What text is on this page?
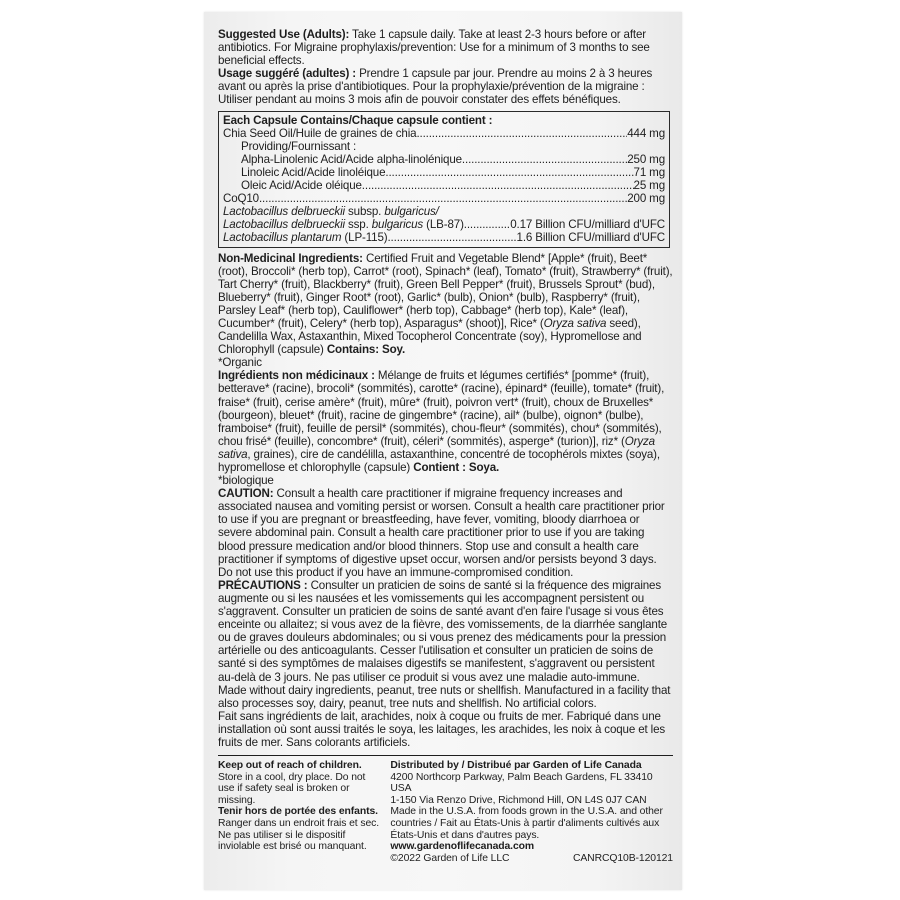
Suggested Use (Adults): Take 1 capsule daily. Take at least 2-3 hours before or after antibiotics. For Migraine prophylaxis/prevention: Use for a minimum of 3 months to see beneficial effects.

Usage suggéré (adultes) : Prendre 1 capsule par jour. Prendre au moins 2 à 3 heures avant ou après la prise d'antibiotiques. Pour la prophylaxie/prévention de la migraine : Utiliser pendant au moins 3 mois afin de pouvoir constater des effets bénéfiques.

Each Capsule Contains/Chaque capsule contient :
Chia Seed Oil/Huile de graines de chia .....	444 mg
Providing/Fournissant :
Alpha-Linolenic Acid/Acide alpha-linolénique .....	250 mg
Linoleic Acid/Acide linoléique .....	71 mg
Oleic Acid/Acide oléique .....	25 mg
CoQ10 .....	200 mg
Lactobacillus delbrueckii subsp. bulgaricus/
Lactobacillus delbrueckii ssp. bulgaricus (LB-87) .....	0.17 Billion CFU/milliard d'UFC
Lactobacillus plantarum (LP-115) .....	1.6 Billion CFU/milliard d'UFC

Non-Medicinal Ingredients: Certified Fruit and Vegetable Blend* [Apple* (fruit), Beet* (root), Broccoli* (herb top), Carrot* (root), Spinach* (leaf), Tomato* (fruit), Strawberry* (fruit), Tart Cherry* (fruit), Blackberry* (fruit), Green Bell Pepper* (fruit), Brussels Sprout* (bud), Blueberry* (fruit), Ginger Root* (root), Garlic* (bulb), Onion* (bulb), Raspberry* (fruit), Parsley Leaf* (herb top), Cauliflower* (herb top), Cabbage* (herb top), Kale* (leaf), Cucumber* (fruit), Celery* (herb top), Asparagus* (shoot)], Rice* (Oryza sativa seed), Candelilla Wax, Astaxanthin, Mixed Tocopherol Concentrate (soy), Hypromellose and Chlorophyll (capsule) Contains: Soy.

*Organic

Ingrédients non médicinaux : Mélange de fruits et légumes certifiés* [pomme* (fruit), betterave* (racine), brocoli* (sommités), carotte* (racine), épinard* (feuille), tomate* (fruit), fraise* (fruit), cerise amère* (fruit), mûre* (fruit), poivron vert* (fruit), choux de Bruxelles* (bourgeon), bleuet* (fruit), racine de gingembre* (racine), ail* (bulbe), oignon* (bulbe), framboise* (fruit), feuille de persil* (sommités), chou-fleur* (sommités), chou* (sommités), chou frisé* (feuille), concombre* (fruit), céleri* (sommités), asperge* (turion)], riz* (Oryza sativa, graines), cire de candélilla, astaxanthine, concentré de tocophérols mixtes (soya), hypromellose et chlorophylle (capsule) Contient : Soya.

*biologique

CAUTION: Consult a health care practitioner if migraine frequency increases and associated nausea and vomiting persist or worsen. Consult a health care practitioner prior to use if you are pregnant or breastfeeding, have fever, vomiting, bloody diarrhoea or severe abdominal pain. Consult a health care practitioner prior to use if you are taking blood pressure medication and/or blood thinners. Stop use and consult a health care practitioner if symptoms of digestive upset occur, worsen and/or persists beyond 3 days. Do not use this product if you have an immune-compromised condition.

PRÉCAUTIONS : Consulter un praticien de soins de santé si la fréquence des migraines augmente ou si les nausées et les vomissements qui les accompagnent persistent ou s'aggravent. Consulter un praticien de soins de santé avant d'en faire l'usage si vous êtes enceinte ou allaitez; si vous avez de la fièvre, des vomissements, de la diarrhée sanglante ou de graves douleurs abdominales; ou si vous prenez des médicaments pour la pression artérielle ou des anticoagulants. Cesser l'utilisation et consulter un praticien de soins de santé si des symptômes de malaises digestifs se manifestent, s'aggravent ou persistent au-delà de 3 jours. Ne pas utiliser ce produit si vous avez une maladie auto-immune.

Made without dairy ingredients, peanut, tree nuts or shellfish. Manufactured in a facility that also processes soy, dairy, peanut, tree nuts and shellfish. No artificial colors.

Fait sans ingrédients de lait, arachides, noix à coque ou fruits de mer. Fabriqué dans une installation où sont aussi traités le soya, les laitages, les arachides, les noix à coque et les fruits de mer. Sans colorants artificiels.

Keep out of reach of children.
Store in a cool, dry place. Do not use if safety seal is broken or missing.
Tenir hors de portée des enfants.
Ranger dans un endroit frais et sec. Ne pas utiliser si le dispositif inviolable est brisé ou manquant.
Distributed by / Distribué par Garden of Life Canada
4200 Northcorp Parkway, Palm Beach Gardens, FL 33410 USA
1-150 Via Renzo Drive, Richmond Hill, ON L4S 0J7 CAN
Made in the U.S.A. from foods grown in the U.S.A. and other countries / Fait au États-Unis à partir d'aliments cultivés aux États-Unis et dans d'autres pays. www.gardenoflifecanada.com
©2022 Garden of Life LLC	CANRCQ10B-120121
